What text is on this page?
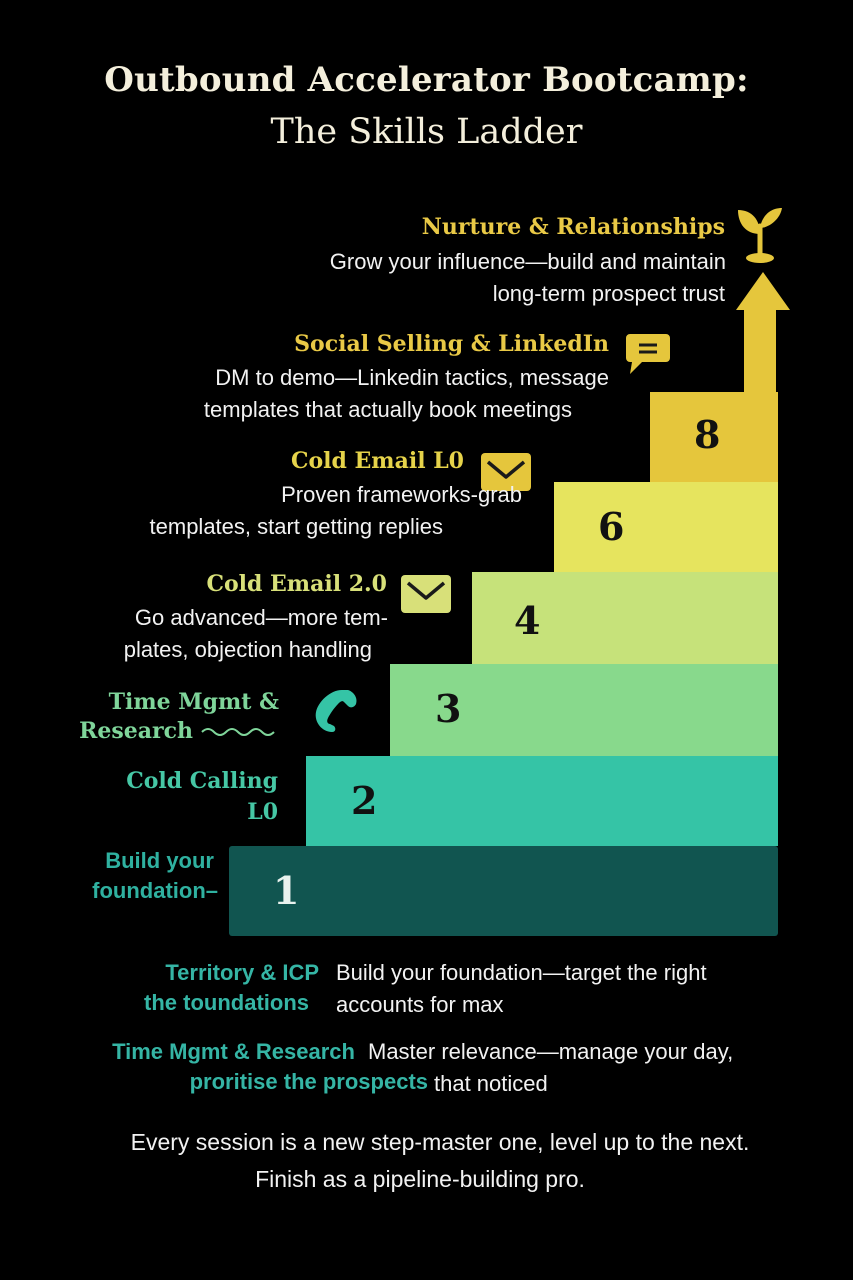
Outbound Accelerator Bootcamp:
The Skills Ladder
1
2
3
4
6
8
Nurture & Relationships
Grow your influence—build and maintain
long-term prospect trust
Social Selling & LinkedIn
DM to demo—Linkedin tactics, message
templates that actually book meetings
Cold Email L0
Proven frameworks-grab
templates, start getting replies
Cold Email 2.0
Go advanced—more tem-
plates, objection handling
Time Mgmt &
Research
Cold Calling
L0
Build your
foundation–
Territory & ICP
the toundations
Build your foundation—target the right
accounts for max
Time Mgmt & Research
proritise the prospects
Master relevance—manage your day,
that noticed
Every session is a new step-master one, level up to the next.
Finish as a pipeline-building pro.
